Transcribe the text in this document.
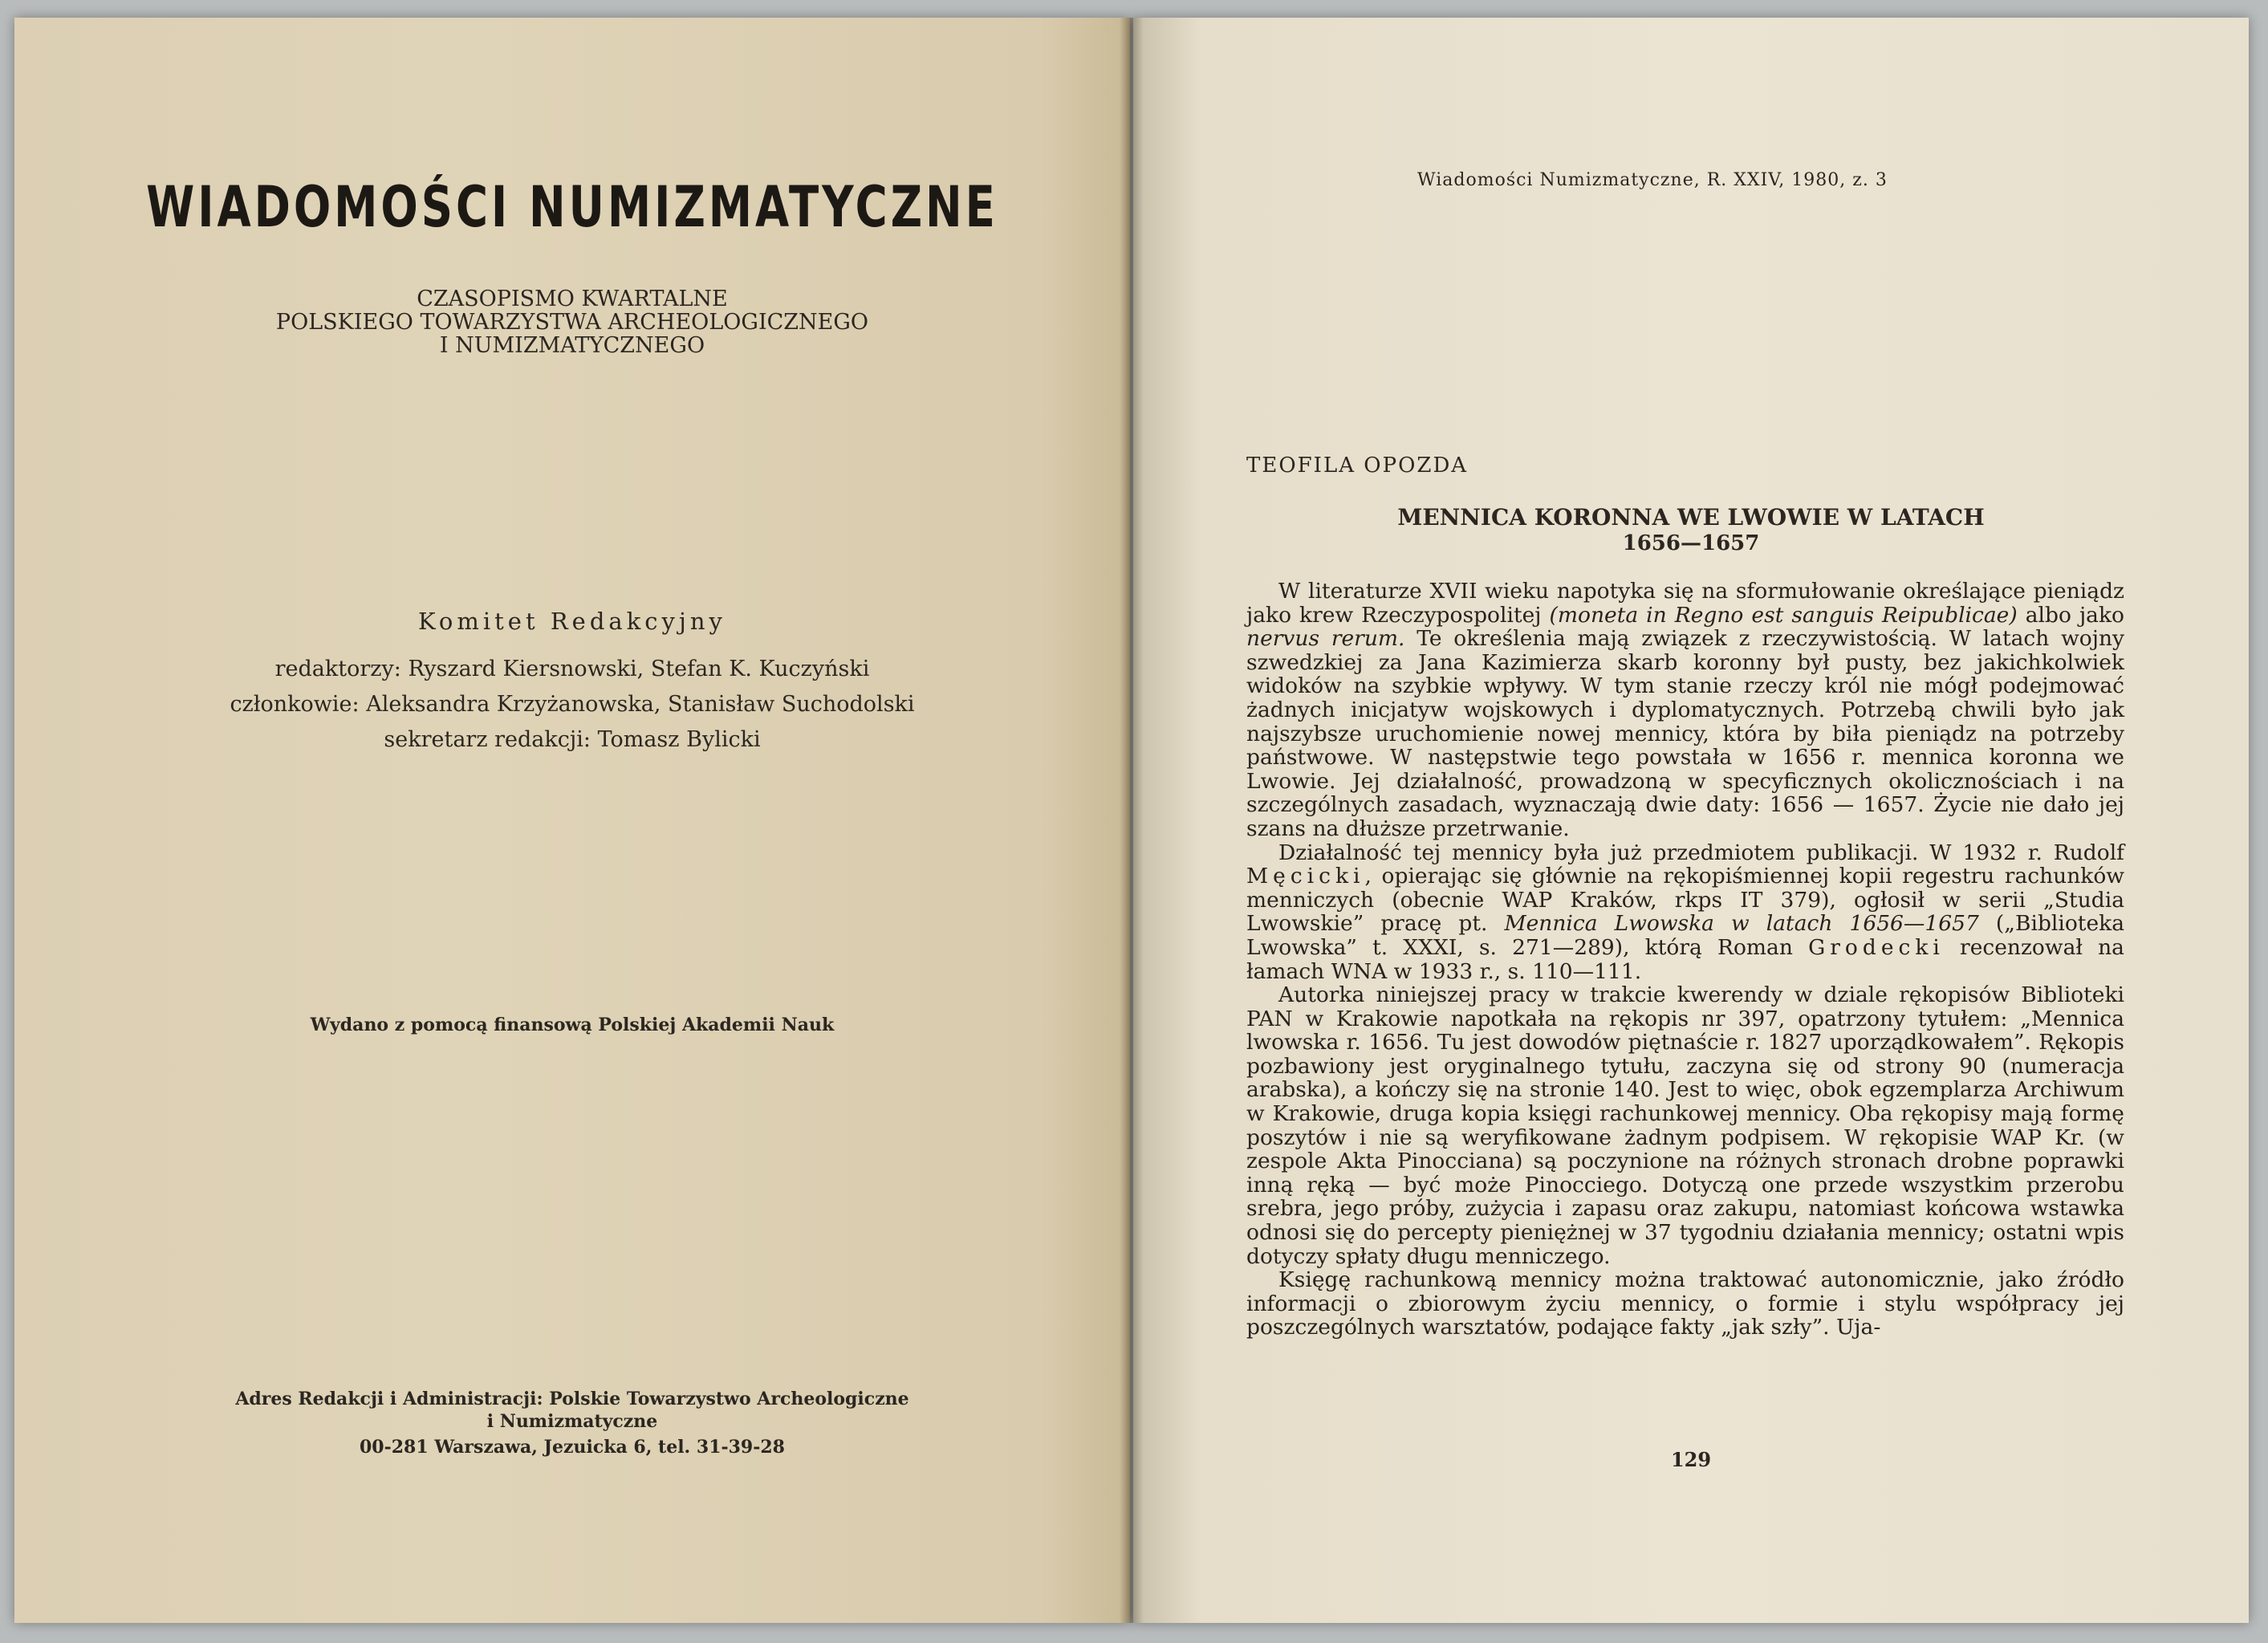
WIADOMOŚCI NUMIZMATYCZNE
CZASOPISMO KWARTALNE
POLSKIEGO TOWARZYSTWA ARCHEOLOGICZNEGO
I NUMIZMATYCZNEGO
Komitet Redakcyjny
redaktorzy: Ryszard Kiersnowski, Stefan K. Kuczyński
członkowie: Aleksandra Krzyżanowska, Stanisław Suchodolski
sekretarz redakcji: Tomasz Bylicki
Wydano z pomocą finansową Polskiej Akademii Nauk
Adres Redakcji i Administracji: Polskie Towarzystwo Archeologiczne
i Numizmatyczne
00-281 Warszawa, Jezuicka 6, tel. 31-39-28
Wiadomości Numizmatyczne, R. XXIV, 1980, z. 3
TEOFILA OPOZDA
MENNICA KORONNA WE LWOWIE W LATACH
1656—1657

W literaturze XVII wieku napotyka się na sformułowanie określające pieniądz jako krew Rzeczypospolitej (moneta in Regno est sanguis Reipublicae) albo jako nervus rerum. Te określenia mają związek z rzeczywistością. W latach wojny szwedzkiej za Jana Kazimierza skarb koronny był pusty, bez jakichkolwiek widoków na szybkie wpływy. W tym stanie rzeczy król nie mógł podejmować żadnych inicjatyw wojskowych i dyplomatycznych. Potrzebą chwili było jak najszybsze uruchomienie nowej mennicy, która by biła pieniądz na potrzeby państwowe. W następstwie tego powstała w 1656 r. mennica koronna we Lwowie. Jej działalność, prowadzoną w specyficznych okolicznościach i na szczególnych zasadach, wyznaczają dwie daty: 1656 — 1657. Życie nie dało jej szans na dłuższe przetrwanie.

Działalność tej mennicy była już przedmiotem publikacji. W 1932 r. Rudolf Męcicki, opierając się głównie na rękopiśmiennej kopii regestru rachunków menniczych (obecnie WAP Kraków, rkps IT 379), ogłosił w serii „Studia Lwowskie” pracę pt. Mennica Lwowska w latach 1656—1657 („Biblioteka Lwowska” t. XXXI, s. 271—289), którą Roman Grodecki recenzował na łamach WNA w 1933 r., s. 110—111.

Autorka niniejszej pracy w trakcie kwerendy w dziale rękopisów Biblioteki PAN w Krakowie napotkała na rękopis nr 397, opatrzony tytułem: „Mennica lwowska r. 1656. Tu jest dowodów piętnaście r. 1827 uporządkowałem”. Rękopis pozbawiony jest oryginalnego tytułu, zaczyna się od strony 90 (numeracja arabska), a kończy się na stronie 140. Jest to więc, obok egzemplarza Archiwum w Krakowie, druga kopia księgi rachunkowej mennicy. Oba rękopisy mają formę poszytów i nie są weryfikowane żadnym podpisem. W rękopisie WAP Kr. (w zespole Akta Pinocciana) są poczynione na różnych stronach drobne poprawki inną ręką — być może Pinocciego. Dotyczą one przede wszystkim przerobu srebra, jego próby, zużycia i zapasu oraz zakupu, natomiast końcowa wstawka odnosi się do percepty pieniężnej w 37 tygodniu działania mennicy; ostatni wpis dotyczy spłaty długu menniczego.

Księgę rachunkową mennicy można traktować autonomicznie, jako źródło informacji o zbiorowym życiu mennicy, o formie i stylu współpracy jej poszczególnych warsztatów, podające fakty „jak szły”. Uja-

129
